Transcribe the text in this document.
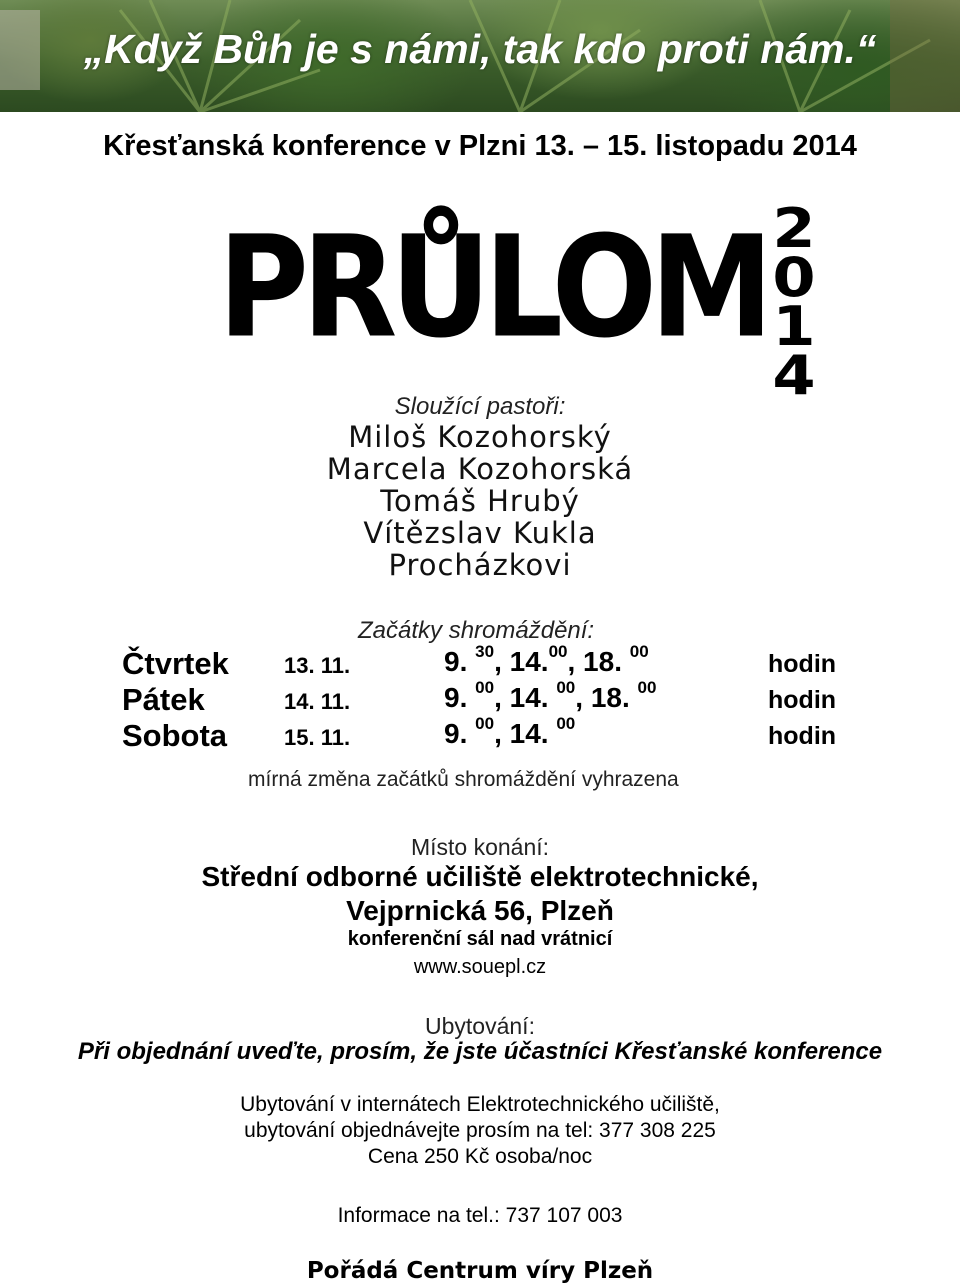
„Když Bůh je s námi, tak kdo proti nám.“
Křesťanská konference v Plzni 13. – 15. listopadu 2014
PRŮLOM 2
0
1
4
Sloužící pastoři:
Miloš Kozohorský
Marcela Kozohorská
Tomáš Hrubý
Vítězslav Kukla
Procházkovi
Začátky shromáždění:
Čtvrtek	13. 11.	9. $^{30}$, 14.00, 18. $^{00}$	hodin
Pátek	14. 11.	9. $^{00}$, 14. $^{00}$, 18. $^{00}$	hodin
Sobota	15. 11.	9. $^{00}$, 14. $^{00}$	hodin
mírná změna začátků shromáždění vyhrazena
Místo konání:
Střední odborné učiliště elektrotechnické,
Vejprnická 56, Plzeň
konferenční sál nad vrátnicí
www.souepl.cz
Ubytování:
Při objednání uveďte, prosím, že jste účastníci Křesťanské konference
Ubytování v internátech Elektrotechnického učiliště,
ubytování objednávejte prosím na tel: 377 308 225
Cena 250 Kč osoba/noc
Informace na tel.: 737 107 003
Pořádá Centrum víry Plzeň
